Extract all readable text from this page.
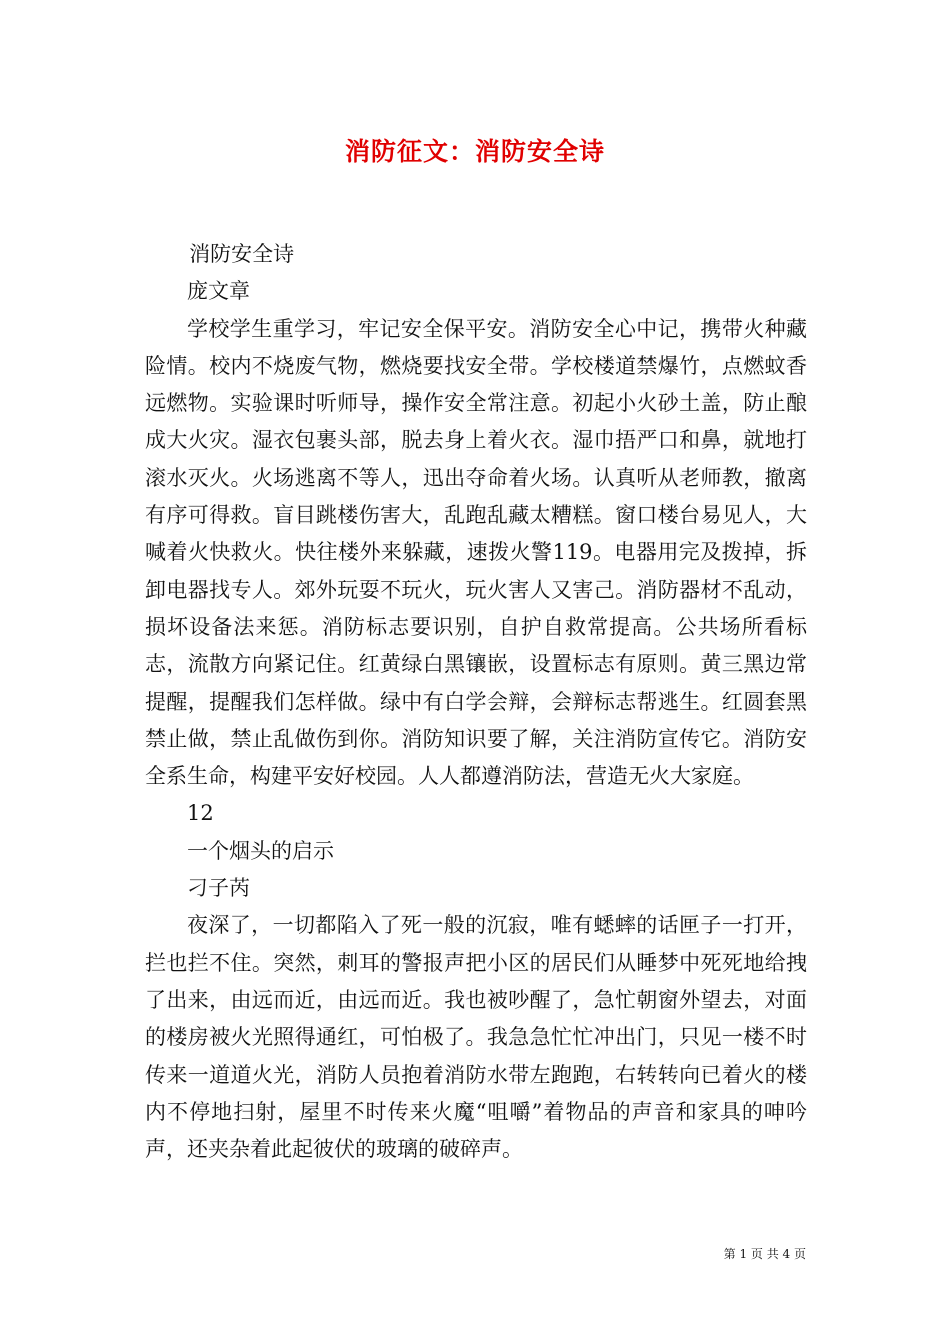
消防征文：消防安全诗

消防安全诗

庞文章

学校学生重学习，牢记安全保平安。消防安全心中记，携带火种藏险情。校内不烧废气物，燃烧要找安全带。学校楼道禁爆竹，点燃蚊香远燃物。实验课时听师导，操作安全常注意。初起小火砂土盖，防止酿成大火灾。湿衣包裹头部，脱去身上着火衣。湿巾捂严口和鼻，就地打滚水灭火。火场逃离不等人，迅出夺命着火场。认真听从老师教，撤离有序可得救。盲目跳楼伤害大，乱跑乱藏太糟糕。窗口楼台易见人，大喊着火快救火。快往楼外来躲藏，速拨火警119。电器用完及拨掉，拆卸电器找专人。郊外玩耍不玩火，玩火害人又害己。消防器材不乱动，损坏设备法来惩。消防标志要识别，自护自救常提高。公共场所看标志，流散方向紧记住。红黄绿白黑镶嵌，设置标志有原则。黄三黑边常提醒，提醒我们怎样做。绿中有白学会辩，会辩标志帮逃生。红圆套黑禁止做，禁止乱做伤到你。消防知识要了解，关注消防宣传它。消防安全系生命，构建平安好校园。人人都遵消防法，营造无火大家庭。

12

一个烟头的启示

刁子芮

夜深了，一切都陷入了死一般的沉寂，唯有蟋蟀的话匣子一打开，拦也拦不住。突然，刺耳的警报声把小区的居民们从睡梦中死死地给拽了出来，由远而近，由远而近。我也被吵醒了，急忙朝窗外望去，对面的楼房被火光照得通红，可怕极了。我急急忙忙冲出门，只见一楼不时传来一道道火光，消防人员抱着消防水带左跑跑，右转转向已着火的楼内不停地扫射，屋里不时传来火魔“咀嚼”着物品的声音和家具的呻吟声，还夹杂着此起彼伏的玻璃的破碎声。

第 1 页 共 4 页
